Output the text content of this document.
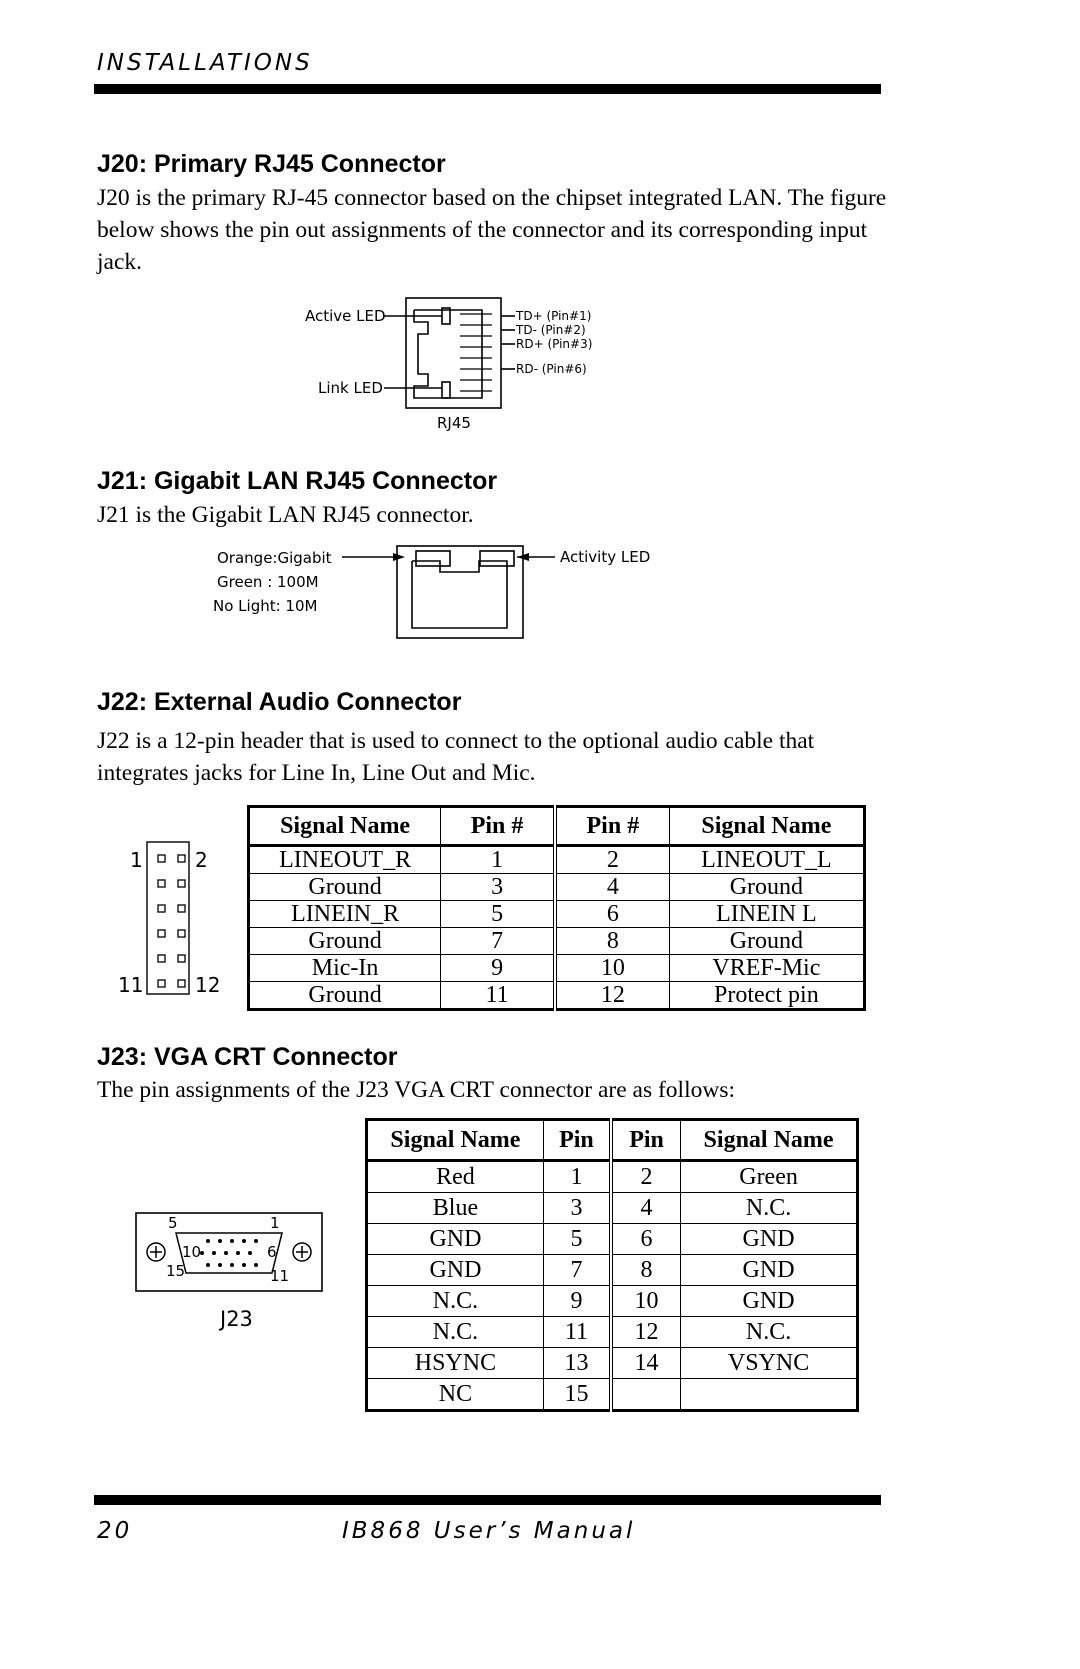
INSTALLATIONS
J20: Primary RJ45 Connector

J20 is the primary RJ-45 connector based on the chipset integrated LAN. The figure below shows the pin out assignments of the connector and its corresponding input jack.

Active LED
Link LED
TD+ (Pin#1)
TD- (Pin#2)
RD+ (Pin#3)
RD- (Pin#6)
RJ45
J21: Gigabit LAN RJ45 Connector

J21 is the Gigabit LAN RJ45 connector.

Orange:Gigabit
Green : 100M
No Light: 10M
Activity LED
J22: External Audio Connector

J22 is a 12-pin header that is used to connect to the optional audio cable that integrates jacks for Line In, Line Out and Mic.

1	2
11	12
Signal Name	Pin #	Pin #	Signal Name
LINEOUT_R	1	2	LINEOUT_L
Ground	3	4	Ground
LINEIN_R	5	6	LINEIN L
Ground	7	8	Ground
Mic-In	9	10	VREF-Mic
Ground	11	12	Protect pin
J23: VGA CRT Connector

The pin assignments of the J23 VGA CRT connector are as follows:

5	1
10	6
15	11
J23
Signal Name	Pin	Pin	Signal Name
Red	1	2	Green
Blue	3	4	N.C.
GND	5	6	GND
GND	7	8	GND
N.C.	9	10	GND
N.C.	11	12	N.C.
HSYNC	13	14	VSYNC
NC	15		
20	IB868 User’s Manual
